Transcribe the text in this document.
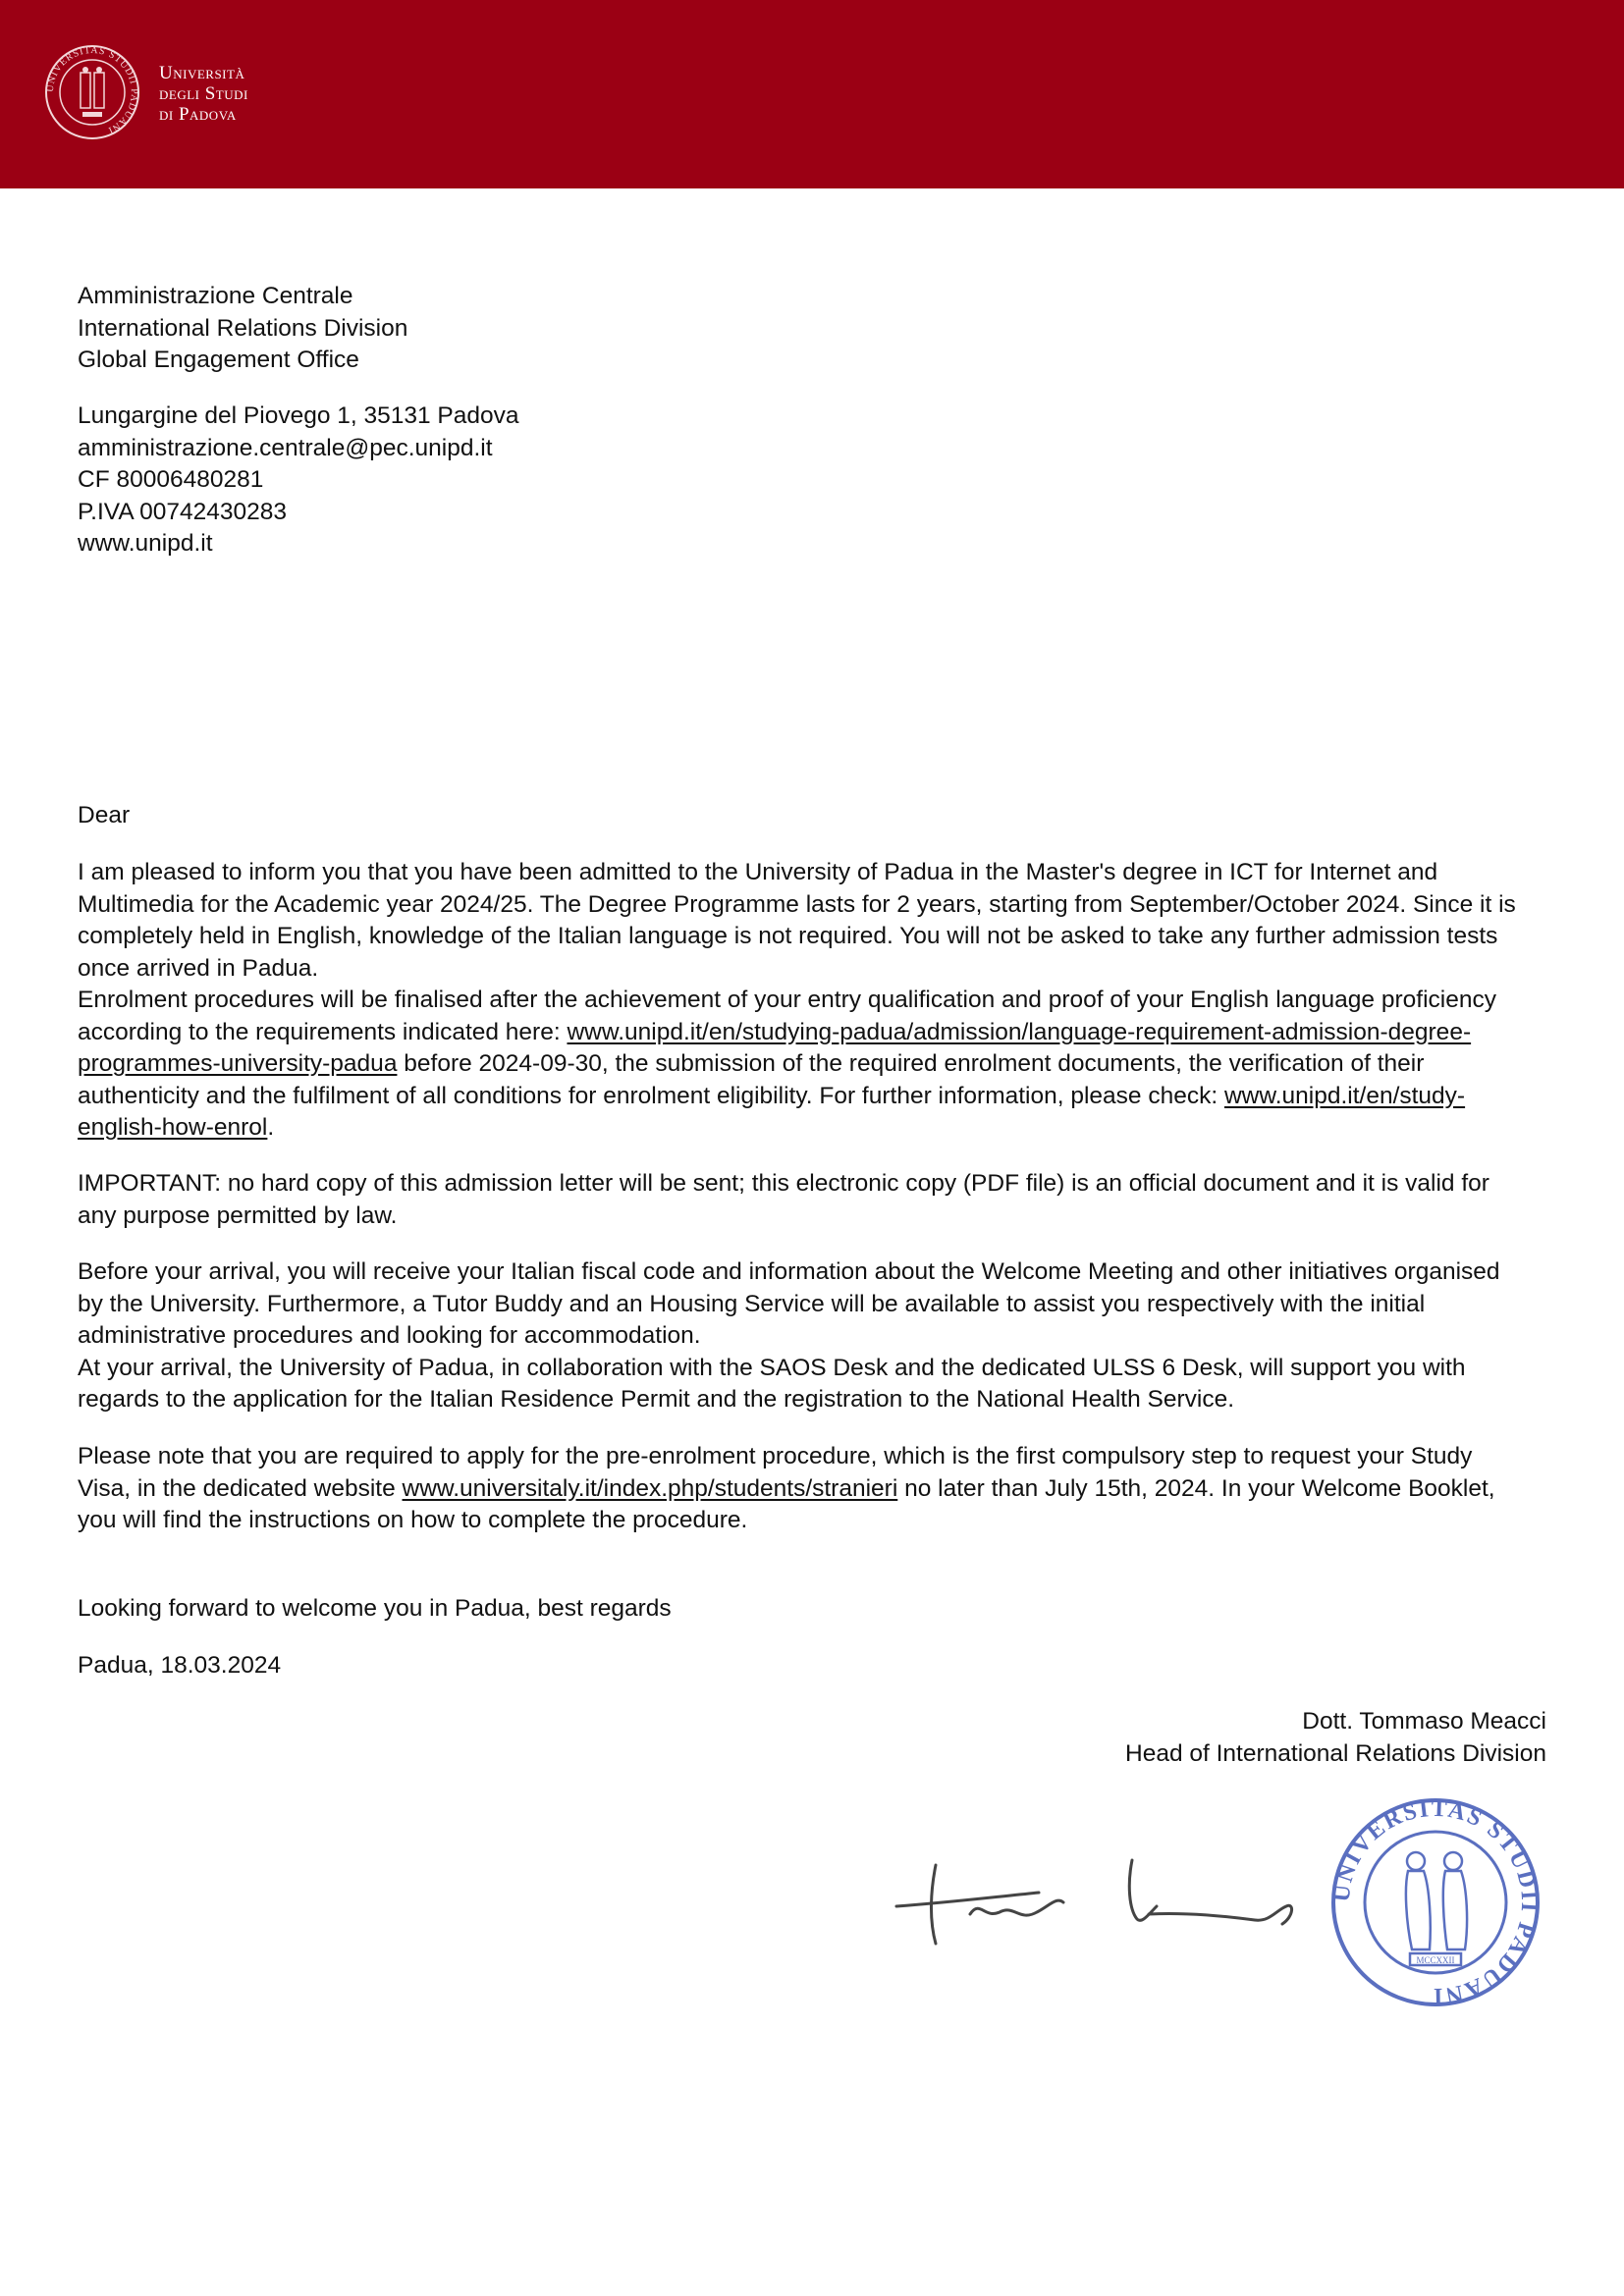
UNIVERSITAS STUDII PADUANI
Università
degli Studi
di Padova
Amministrazione Centrale
International Relations Division
Global Engagement Office
Lungargine del Piovego 1, 35131 Padova
amministrazione.centrale@pec.unipd.it
CF 80006480281
P.IVA 00742430283
www.unipd.it
Dear
I am pleased to inform you that you have been admitted to the University of Padua in the Master's degree in ICT for Internet and
Multimedia for the Academic year 2024/25. The Degree Programme lasts for 2 years, starting from September/October 2024. Since it is
completely held in English, knowledge of the Italian language is not required. You will not be asked to take any further admission tests
once arrived in Padua.
Enrolment procedures will be finalised after the achievement of your entry qualification and proof of your English language proficiency
according to the requirements indicated here: www.unipd.it/en/studying-padua/admission/language-requirement-admission-degree-
programmes-university-padua before 2024-09-30, the submission of the required enrolment documents, the verification of their
authenticity and the fulfilment of all conditions for enrolment eligibility. For further information, please check: www.unipd.it/en/study-
english-how-enrol.
IMPORTANT: no hard copy of this admission letter will be sent; this electronic copy (PDF file) is an official document and it is valid for
any purpose permitted by law.
Before your arrival, you will receive your Italian fiscal code and information about the Welcome Meeting and other initiatives organised
by the University. Furthermore, a Tutor Buddy and an Housing Service will be available to assist you respectively with the initial
administrative procedures and looking for accommodation.
At your arrival, the University of Padua, in collaboration with the SAOS Desk and the dedicated ULSS 6 Desk, will support you with
regards to the application for the Italian Residence Permit and the registration to the National Health Service.
Please note that you are required to apply for the pre-enrolment procedure, which is the first compulsory step to request your Study
Visa, in the dedicated website www.universitaly.it/index.php/students/stranieri no later than July 15th, 2024. In your Welcome Booklet,
you will find the instructions on how to complete the procedure.
Looking forward to welcome you in Padua, best regards
Padua, 18.03.2024
Dott. Tommaso Meacci
Head of International Relations Division
UNIVERSITAS STUDII PADUANI
MCCXXII
